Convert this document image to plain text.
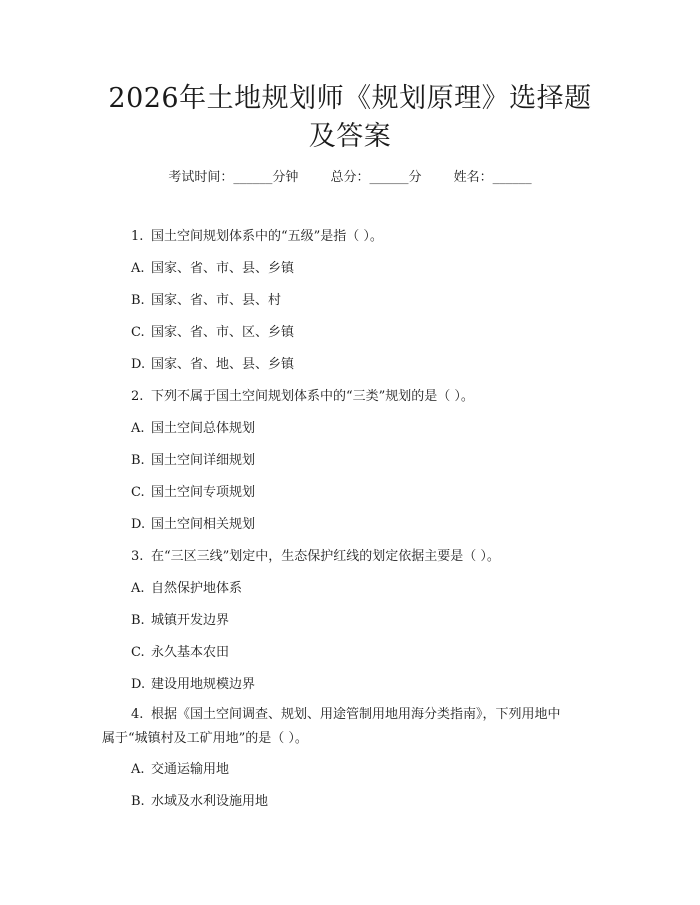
2026年土地规划师《规划原理》选择题及答案
考试时间：______分钟 总分：______分 姓名：______
1. 国土空间规划体系中的“五级”是指（ ）。
A. 国家、省、市、县、乡镇
B. 国家、省、市、县、村
C. 国家、省、市、区、乡镇
D. 国家、省、地、县、乡镇
2. 下列不属于国土空间规划体系中的“三类”规划的是（ ）。
A. 国土空间总体规划
B. 国土空间详细规划
C. 国土空间专项规划
D. 国土空间相关规划
3. 在“三区三线”划定中，生态保护红线的划定依据主要是（ ）。
A. 自然保护地体系
B. 城镇开发边界
C. 永久基本农田
D. 建设用地规模边界
4. 根据《国土空间调查、规划、用途管制用地用海分类指南》，下列用地中
属于“城镇村及工矿用地”的是（ ）。
A. 交通运输用地
B. 水域及水利设施用地
